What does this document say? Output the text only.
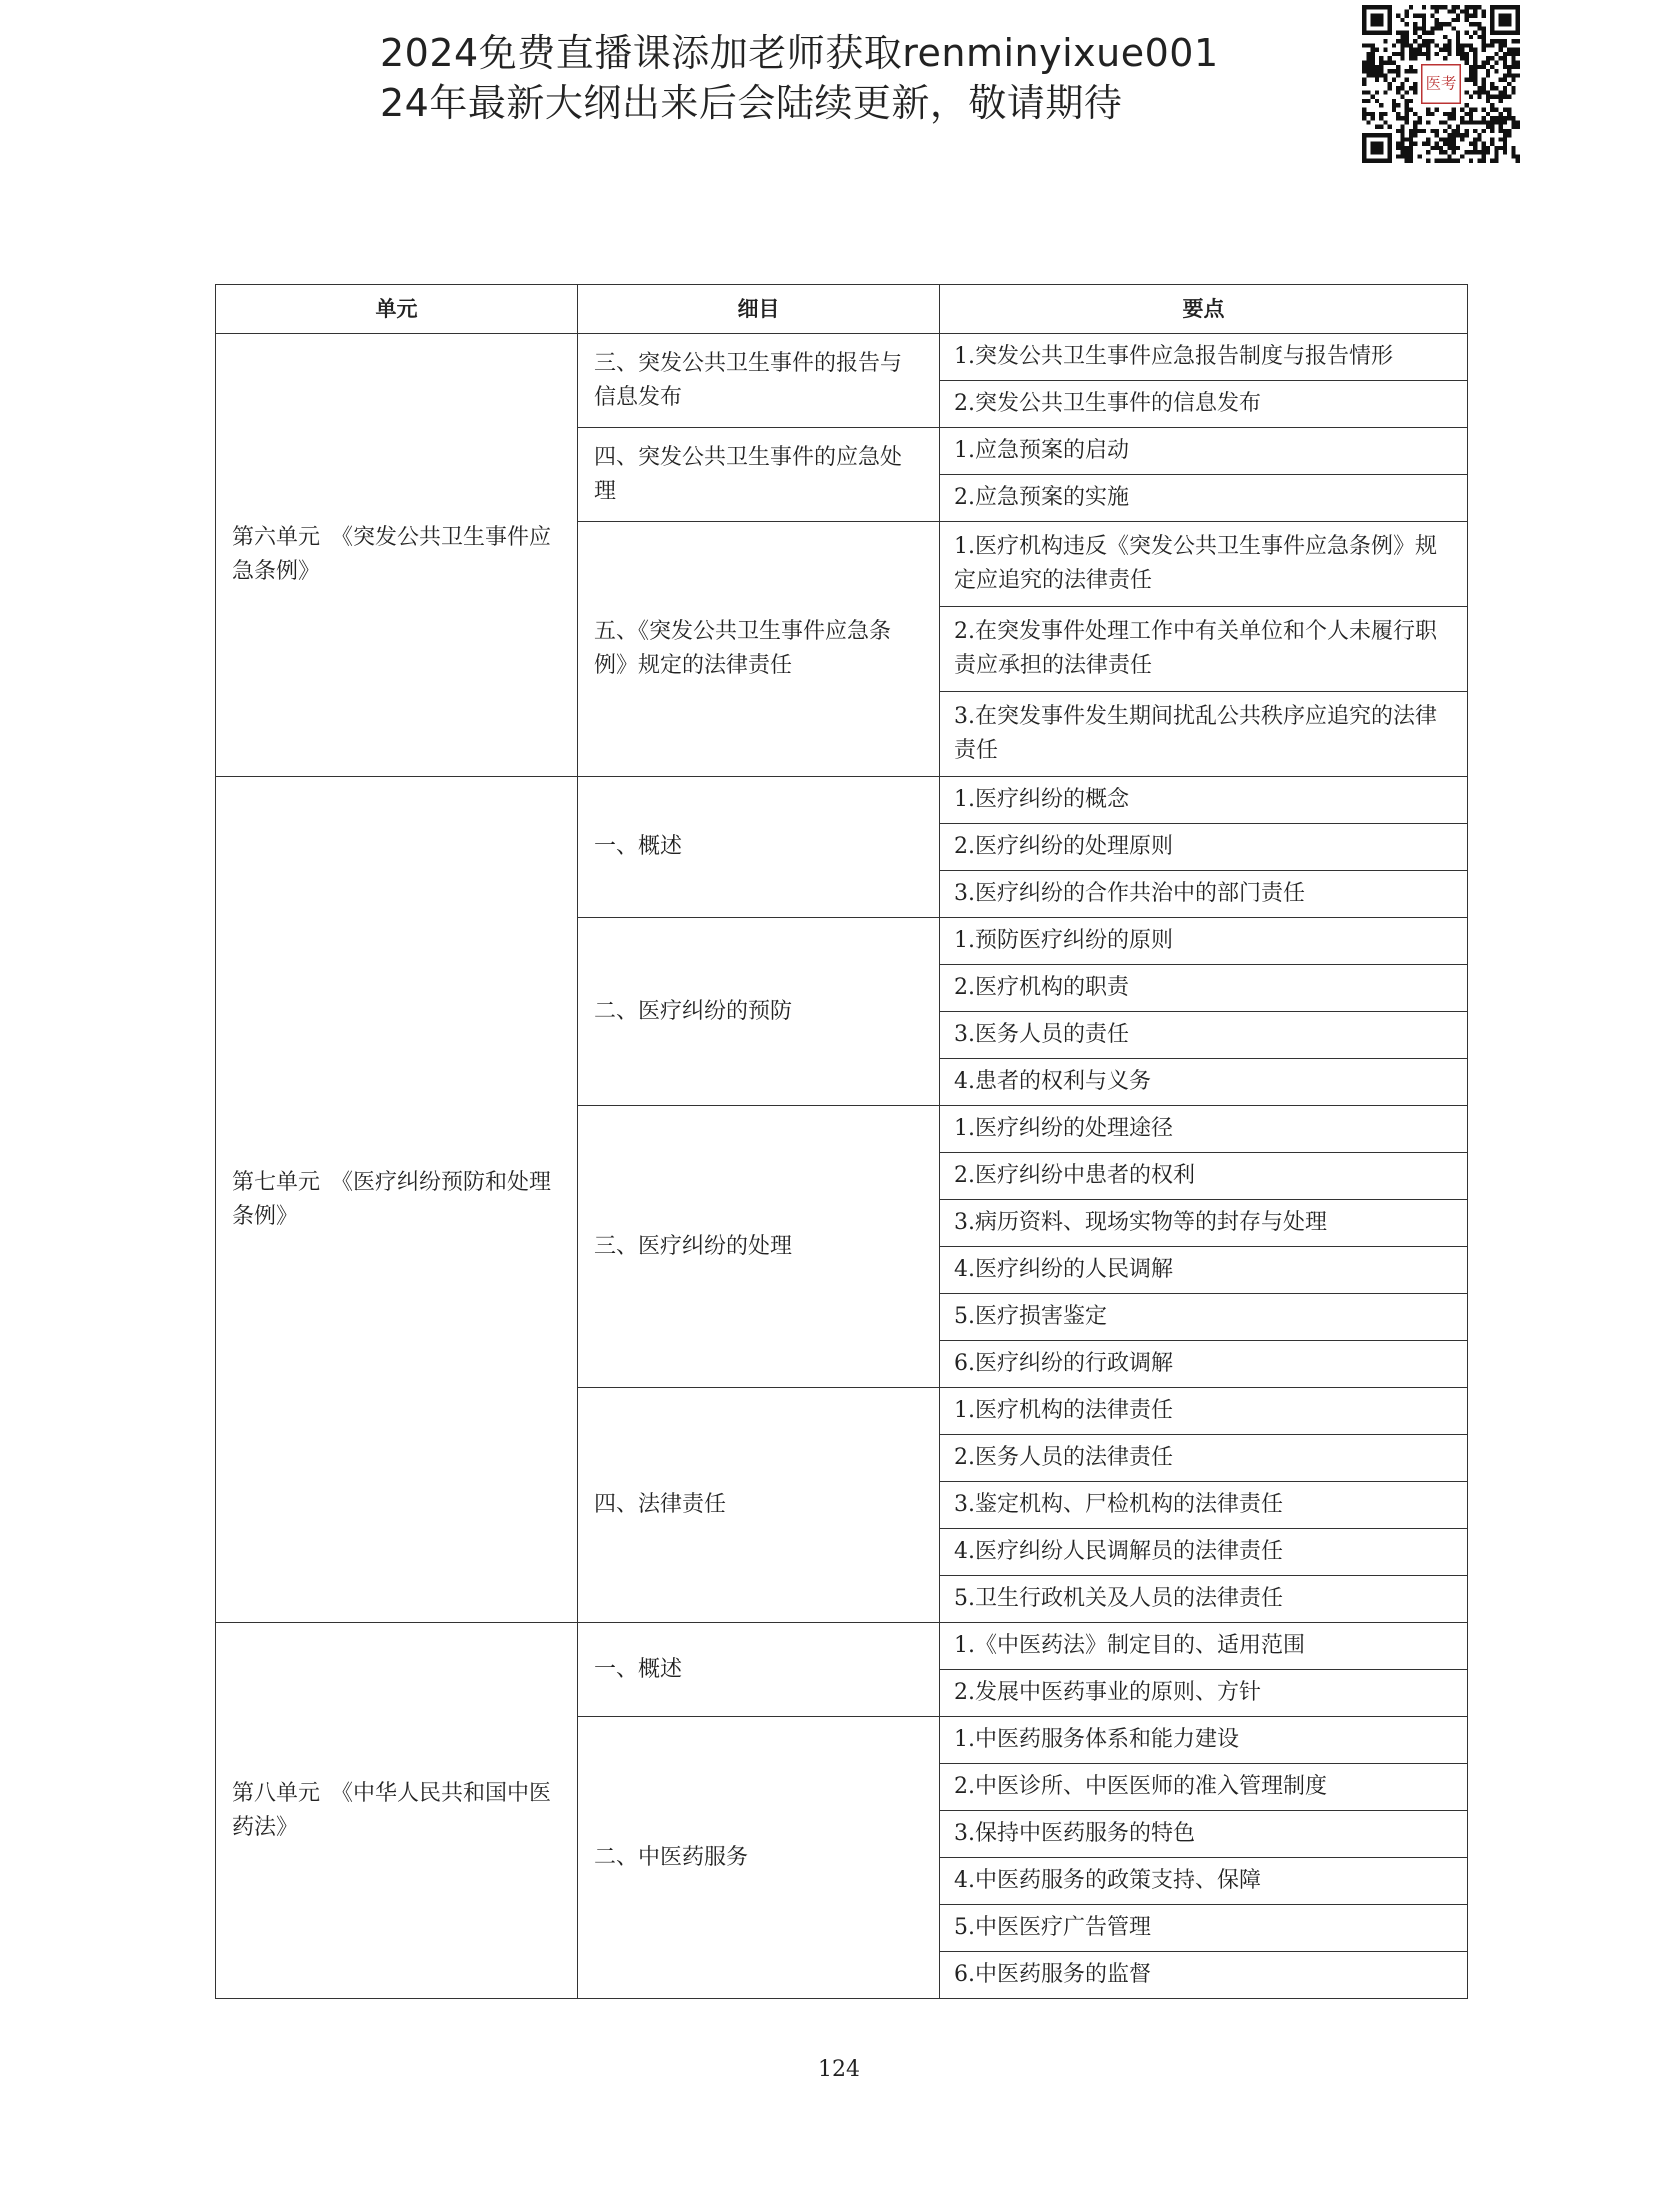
2024免费直播课添加老师获取renminyixue001
24年最新大纲出来后会陆续更新，敬请期待	医考
单元	细目	要点
第六单元　《突发公共卫生事件应急条例》	三、突发公共卫生事件的报告与信息发布	1.突发公共卫生事件应急报告制度与报告情形
		2.突发公共卫生事件的信息发布
	四、突发公共卫生事件的应急处理	1.应急预案的启动
		2.应急预案的实施
	五、《突发公共卫生事件应急条例》规定的法律责任	1.医疗机构违反《突发公共卫生事件应急条例》规定应追究的法律责任
		2.在突发事件处理工作中有关单位和个人未履行职责应承担的法律责任
		3.在突发事件发生期间扰乱公共秩序应追究的法律责任
第七单元　《医疗纠纷预防和处理条例》	一、概述	1.医疗纠纷的概念
		2.医疗纠纷的处理原则
		3.医疗纠纷的合作共治中的部门责任
	二、医疗纠纷的预防	1.预防医疗纠纷的原则
		2.医疗机构的职责
		3.医务人员的责任
		4.患者的权利与义务
	三、医疗纠纷的处理	1.医疗纠纷的处理途径
		2.医疗纠纷中患者的权利
		3.病历资料、现场实物等的封存与处理
		4.医疗纠纷的人民调解
		5.医疗损害鉴定
		6.医疗纠纷的行政调解
	四、法律责任	1.医疗机构的法律责任
		2.医务人员的法律责任
		3.鉴定机构、尸检机构的法律责任
		4.医疗纠纷人民调解员的法律责任
		5.卫生行政机关及人员的法律责任
第八单元　《中华人民共和国中医药法》	一、概述	1.《中医药法》制定目的、适用范围
		2.发展中医药事业的原则、方针
	二、中医药服务	1.中医药服务体系和能力建设
		2.中医诊所、中医医师的准入管理制度
		3.保持中医药服务的特色
		4.中医药服务的政策支持、保障
		5.中医医疗广告管理
		6.中医药服务的监督
124
